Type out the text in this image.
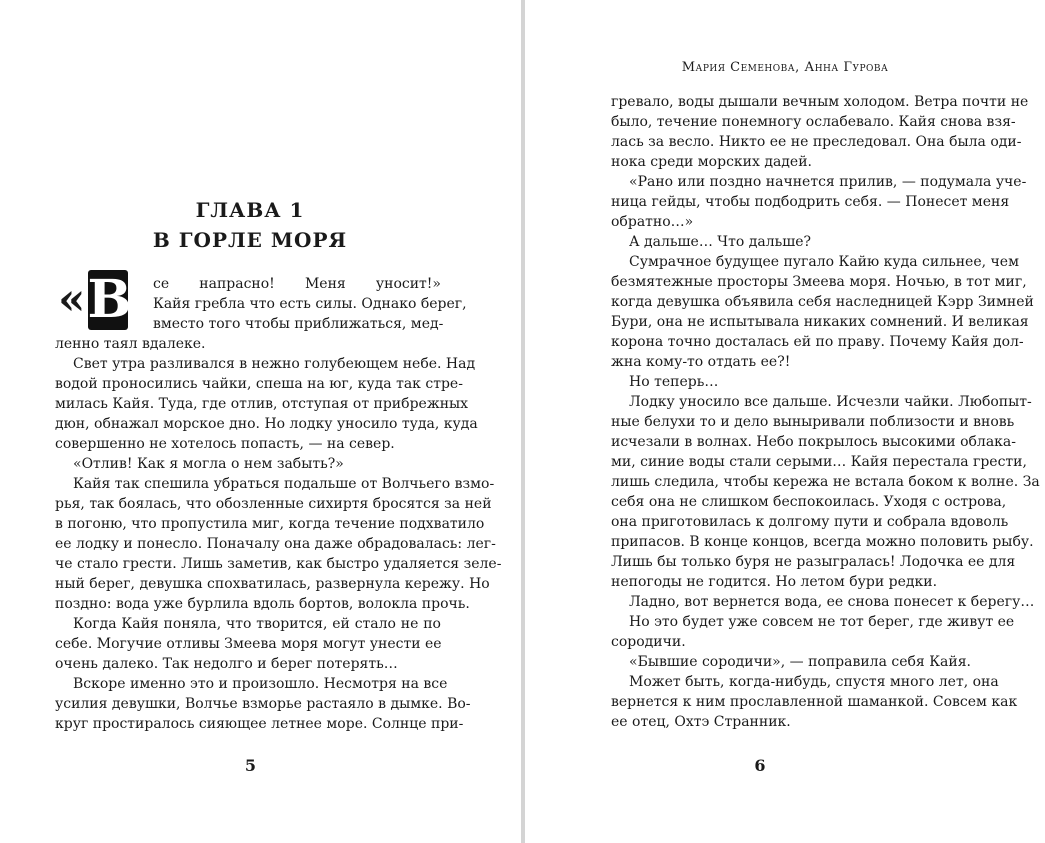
ГЛАВА 1
В ГОРЛЕ МОРЯ
« В се напрасно! Меня уносит!»
Кайя гребла что есть силы. Однако берег,
вместо того чтобы приближаться, мед-
ленно таял вдалеке.
Свет утра разливался в нежно голубеющем небе. Над
водой проносились чайки, спеша на юг, куда так стре-
милась Кайя. Туда, где отлив, отступая от прибрежных
дюн, обнажал морское дно. Но лодку уносило туда, куда
совершенно не хотелось попасть, — на север.
«Отлив! Как я могла о нем забыть?»
Кайя так спешила убраться подальше от Волчьего взмо-
рья, так боялась, что обозленные сихиртя бросятся за ней
в погоню, что пропустила миг, когда течение подхватило
ее лодку и понесло. Поначалу она даже обрадовалась: лег-
че стало грести. Лишь заметив, как быстро удаляется зеле-
ный берег, девушка спохватилась, развернула кережу. Но
поздно: вода уже бурлила вдоль бортов, волокла прочь.
Когда Кайя поняла, что творится, ей стало не по
себе. Могучие отливы Змеева моря могут унести ее
очень далеко. Так недолго и берег потерять…
Вскоре именно это и произошло. Несмотря на все
усилия девушки, Волчье взморье растаяло в дымке. Во-
круг простиралось сияющее летнее море. Солнце при-
5
Мария Семенова, Анна Гурова
гревало, воды дышали вечным холодом. Ветра почти не
было, течение понемногу ослабевало. Кайя снова взя-
лась за весло. Никто ее не преследовал. Она была оди-
нока среди морских дадей.
«Рано или поздно начнется прилив, — подумала уче-
ница гейды, чтобы подбодрить себя. — Понесет меня
обратно…»
А дальше… Что дальше?
Сумрачное будущее пугало Кайю куда сильнее, чем
безмятежные просторы Змеева моря. Ночью, в тот миг,
когда девушка объявила себя наследницей Кэрр Зимней
Бури, она не испытывала никаких сомнений. И великая
корона точно досталась ей по праву. Почему Кайя дол-
жна кому-то отдать ее?!
Но теперь…
Лодку уносило все дальше. Исчезли чайки. Любопыт-
ные белухи то и дело выныривали поблизости и вновь
исчезали в волнах. Небо покрылось высокими облака-
ми, синие воды стали серыми… Кайя перестала грести,
лишь следила, чтобы кережа не встала боком к волне. За
себя она не слишком беспокоилась. Уходя с острова,
она приготовилась к долгому пути и собрала вдоволь
припасов. В конце концов, всегда можно половить рыбу.
Лишь бы только буря не разыгралась! Лодочка ее для
непогоды не годится. Но летом бури редки.
Ладно, вот вернется вода, ее снова понесет к берегу…
Но это будет уже совсем не тот берег, где живут ее
сородичи.
«Бывшие сородичи», — поправила себя Кайя.
Может быть, когда-нибудь, спустя много лет, она
вернется к ним прославленной шаманкой. Совсем как
ее отец, Охтэ Странник.
6
